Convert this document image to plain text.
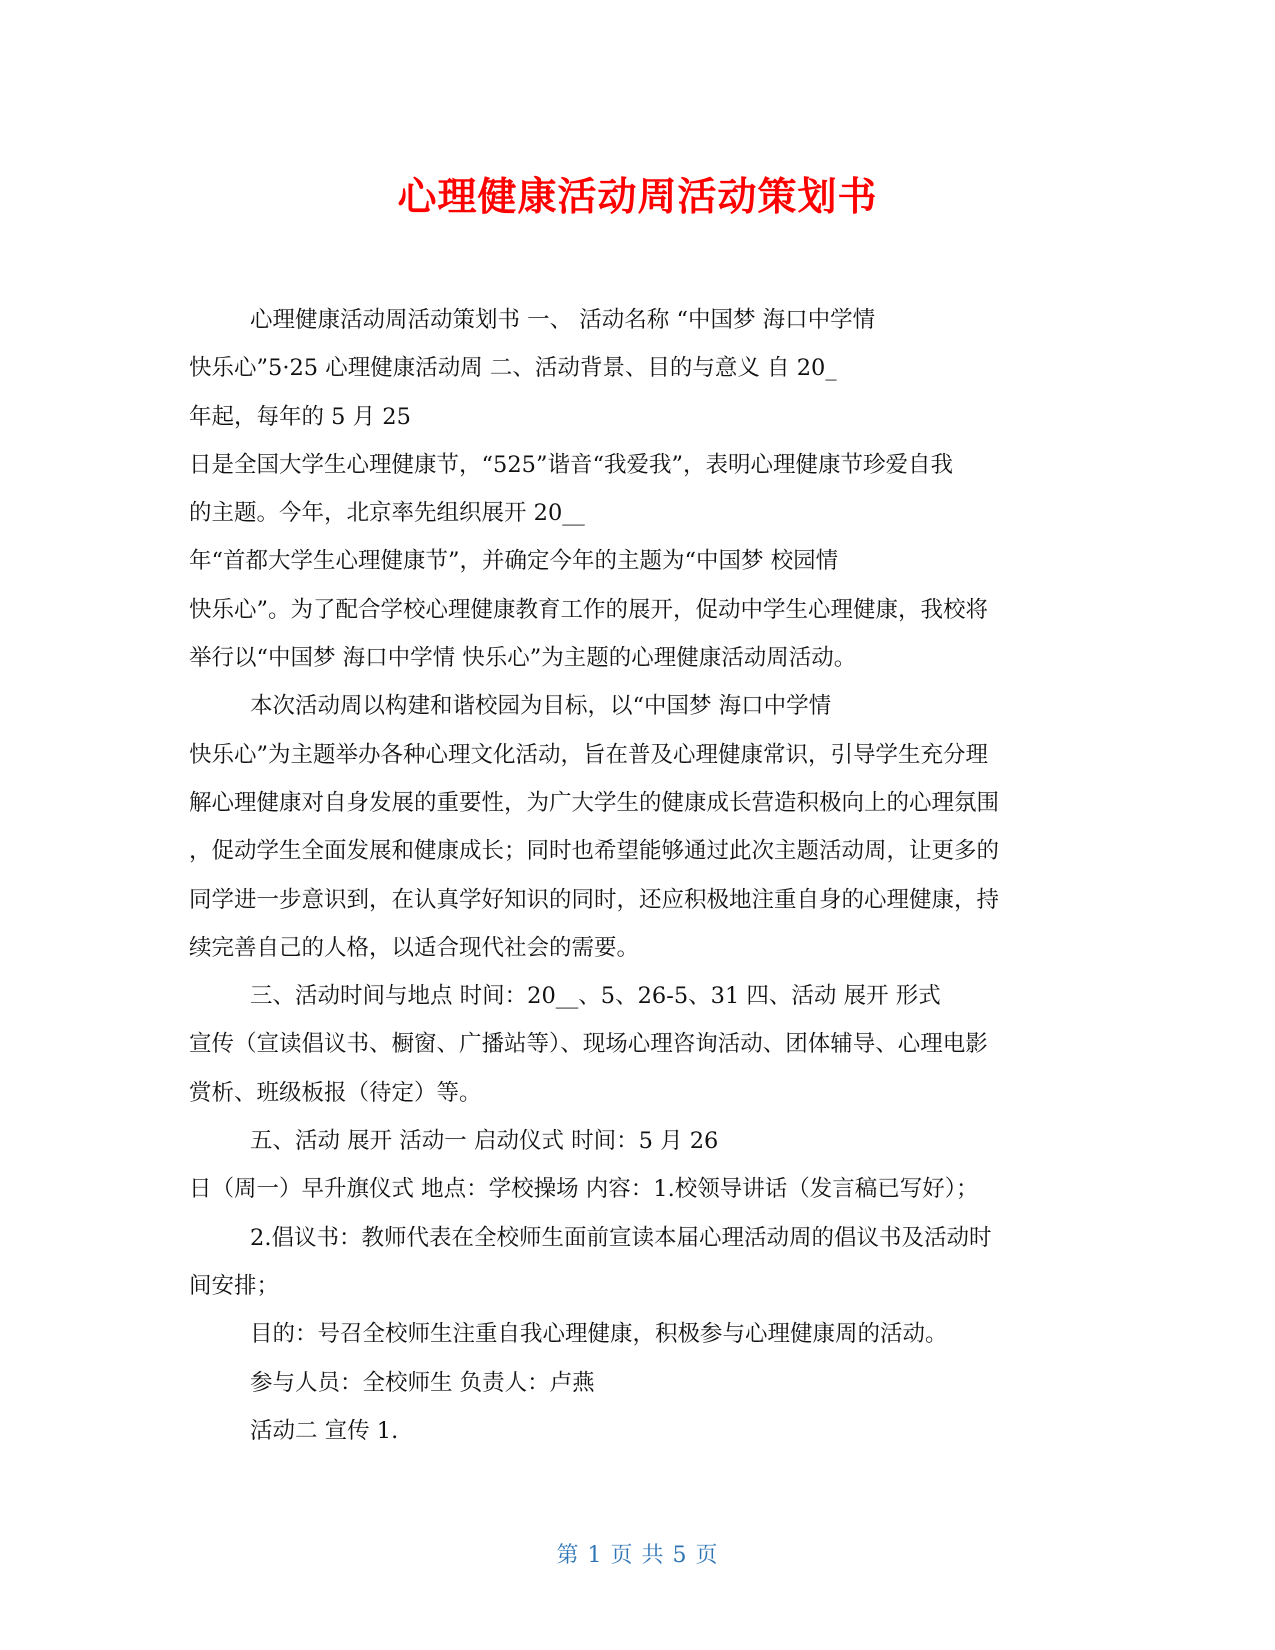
心理健康活动周活动策划书
心理健康活动周活动策划书 一、 活动名称 “中国梦 海口中学情
快乐心”5·25 心理健康活动周 二、活动背景、目的与意义 自 20_
年起，每年的 5 月 25
日是全国大学生心理健康节，“525”谐音“我爱我”，表明心理健康节珍爱自我
的主题。今年，北京率先组织展开 20__
年“首都大学生心理健康节”，并确定今年的主题为“中国梦 校园情
快乐心”。为了配合学校心理健康教育工作的展开，促动中学生心理健康，我校将
举行以“中国梦 海口中学情 快乐心”为主题的心理健康活动周活动。
本次活动周以构建和谐校园为目标，以“中国梦 海口中学情
快乐心”为主题举办各种心理文化活动，旨在普及心理健康常识，引导学生充分理
解心理健康对自身发展的重要性，为广大学生的健康成长营造积极向上的心理氛围
，促动学生全面发展和健康成长；同时也希望能够通过此次主题活动周，让更多的
同学进一步意识到，在认真学好知识的同时，还应积极地注重自身的心理健康，持
续完善自己的人格，以适合现代社会的需要。
三、活动时间与地点 时间：20__、5、26-5、31 四、活动 展开 形式
宣传（宣读倡议书、橱窗、广播站等）、现场心理咨询活动、团体辅导、心理电影
赏析、班级板报（待定）等。
五、活动 展开 活动一 启动仪式 时间：5 月 26
日（周一）早升旗仪式 地点：学校操场 内容：1.校领导讲话（发言稿已写好）；
2.倡议书：教师代表在全校师生面前宣读本届心理活动周的倡议书及活动时
间安排；
目的：号召全校师生注重自我心理健康，积极参与心理健康周的活动。
参与人员：全校师生 负责人：卢燕
活动二 宣传 1.
第 1 页 共 5 页
